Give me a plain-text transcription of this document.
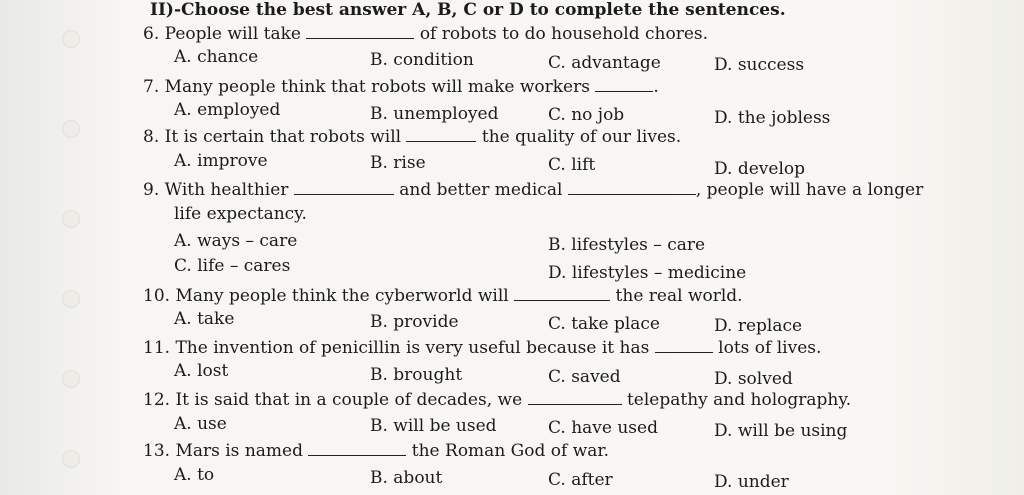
II)-Choose the best answer A, B, C or D to complete the sentences.
6. People will take	of robots to do household chores.
A. chance	B. condition	C. advantage	D. success
7. Many people think that robots will make workers	.
A. employed	B. unemployed	C. no job	D. the jobless
8. It is certain that robots will	the quality of our lives.
A. improve	B. rise	C. lift	D. develop
9. With healthier	and better medical	, people will have a longer
life expectancy.
A. ways – care	B. lifestyles – care
C. life – cares	D. lifestyles – medicine
10. Many people think the cyberworld will	the real world.
A. take	B. provide	C. take place	D. replace
11. The invention of penicillin is very useful because it has	lots of lives.
A. lost	B. brought	C. saved	D. solved
12. It is said that in a couple of decades, we	telepathy and holography.
A. use	B. will be used	C. have used	D. will be using
13. Mars is named	the Roman God of war.
A. to	B. about	C. after	D. under
